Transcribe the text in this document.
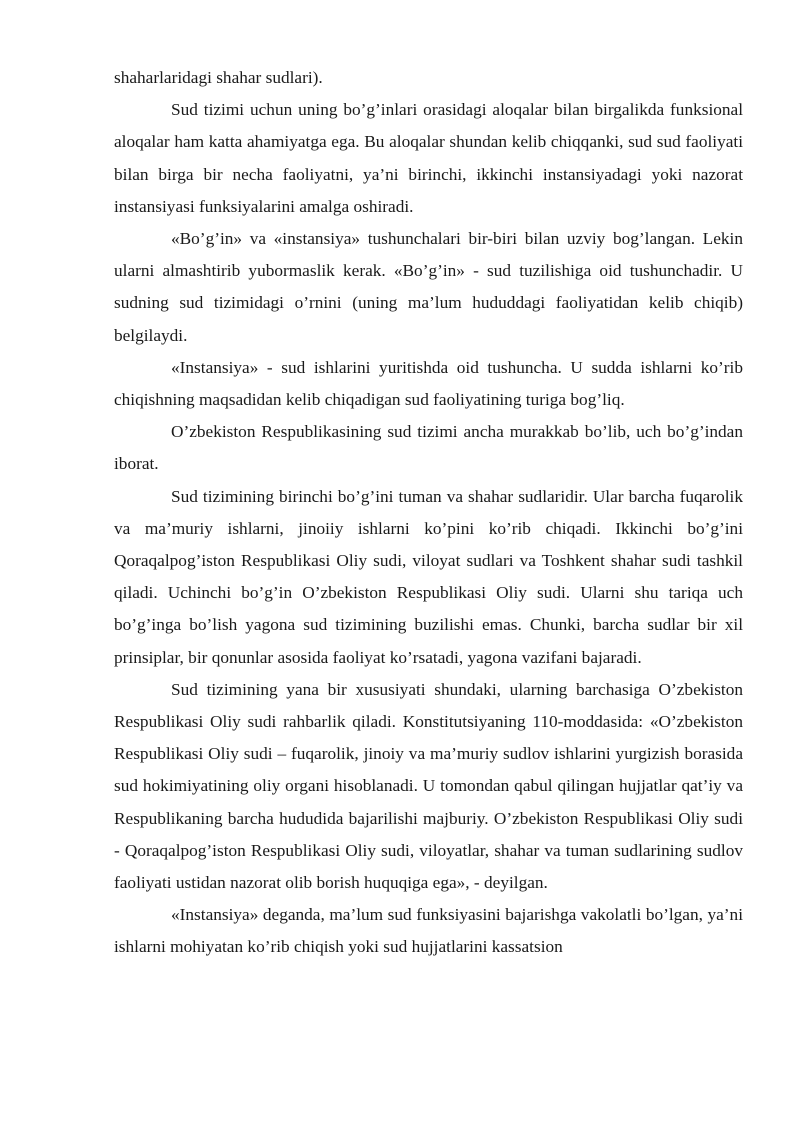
shaharlaridagi shahar sudlari).

Sud tizimi uchun uning bo’g’inlari orasidagi aloqalar bilan birgalikda funksional aloqalar ham katta ahamiyatga ega. Bu aloqalar shundan kelib chiqqanki, sud sud faoliyati bilan birga bir necha faoliyatni, ya’ni birinchi, ikkinchi instansiyadagi yoki nazorat instansiyasi funksiyalarini amalga oshiradi.

«Bo’g’in» va «instansiya» tushunchalari bir-biri bilan uzviy bog’langan. Lekin ularni almashtirib yubormaslik kerak. «Bo’g’in» - sud tuzilishiga oid tushunchadir. U sudning sud tizimidagi o’rnini (uning ma’lum hududdagi faoliyatidan kelib chiqib) belgilaydi.

«Instansiya» - sud ishlarini yuritishda oid tushuncha. U sudda ishlarni ko’rib chiqishning maqsadidan kelib chiqadigan sud faoliyatining turiga bog’liq.

O’zbekiston Respublikasining sud tizimi ancha murakkab bo’lib, uch bo’g’indan iborat.

Sud tizimining birinchi bo’g’ini tuman va shahar sudlaridir. Ular barcha fuqarolik va ma’muriy ishlarni, jinoiiy ishlarni ko’pini ko’rib chiqadi. Ikkinchi bo’g’ini Qoraqalpog’iston Respublikasi Oliy sudi, viloyat sudlari va Toshkent shahar sudi tashkil qiladi. Uchinchi bo’g’in O’zbekiston Respublikasi Oliy sudi. Ularni shu tariqa uch bo’g’inga bo’lish yagona sud tizimining buzilishi emas. Chunki, barcha sudlar bir xil prinsiplar, bir qonunlar asosida faoliyat ko’rsatadi, yagona vazifani bajaradi.

Sud tizimining yana bir xususiyati shundaki, ularning barchasiga O’zbekiston Respublikasi Oliy sudi rahbarlik qiladi. Konstitutsiyaning 110-moddasida: «O’zbekiston Respublikasi Oliy sudi – fuqarolik, jinoiy va ma’muriy sudlov ishlarini yurgizish borasida sud hokimiyatining oliy organi hisoblanadi. U tomondan qabul qilingan hujjatlar qat’iy va Respublikaning barcha hududida bajarilishi majburiy. O’zbekiston Respublikasi Oliy sudi - Qoraqalpog’iston Respublikasi Oliy sudi, viloyatlar, shahar va tuman sudlarining sudlov faoliyati ustidan nazorat olib borish huquqiga ega», - deyilgan.

«Instansiya» deganda, ma’lum sud funksiyasini bajarishga vakolatli bo’lgan, ya’ni ishlarni mohiyatan ko’rib chiqish yoki sud hujjatlarini kassatsion
